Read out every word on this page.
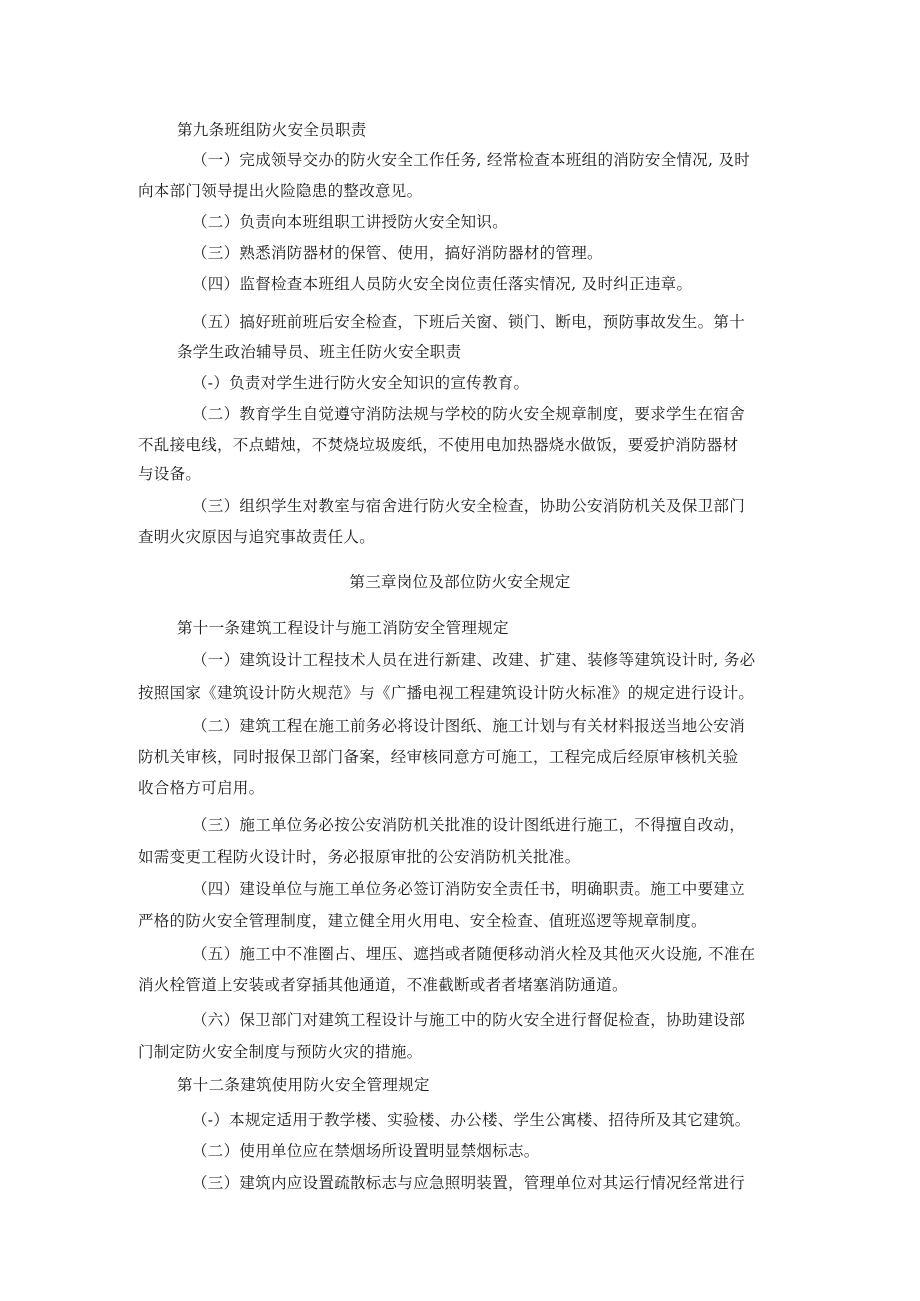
第九条班组防火安全员职责
（一）完成领导交办的防火安全工作任务, 经常检查本班组的消防安全情况, 及时
向本部门领导提出火险隐患的整改意见。
（二）负责向本班组职工讲授防火安全知识。
（三）熟悉消防器材的保管、使用，搞好消防器材的管理。
（四）监督检查本班组人员防火安全岗位责任落实情况, 及时纠正违章。
（五）搞好班前班后安全检查，下班后关窗、锁门、断电，预防事故发生。第十
条学生政治辅导员、班主任防火安全职责
（-）负责对学生进行防火安全知识的宣传教育。
（二）教育学生自觉遵守消防法规与学校的防火安全规章制度，要求学生在宿舍
不乱接电线，不点蜡烛，不焚烧垃圾废纸，不使用电加热器烧水做饭，要爱护消防器材
与设备。
（三）组织学生对教室与宿舍进行防火安全检查，协助公安消防机关及保卫部门
查明火灾原因与追究事故责任人。
第三章岗位及部位防火安全规定
第十一条建筑工程设计与施工消防安全管理规定
（一）建筑设计工程技术人员在进行新建、改建、扩建、装修等建筑设计时, 务必
按照国家《建筑设计防火规范》与《广播电视工程建筑设计防火标准》的规定进行设计。
（二）建筑工程在施工前务必将设计图纸、施工计划与有关材料报送当地公安消
防机关审核，同时报保卫部门备案，经审核同意方可施工，工程完成后经原审核机关验
收合格方可启用。
（三）施工单位务必按公安消防机关批准的设计图纸进行施工，不得擅自改动，
如需变更工程防火设计时，务必报原审批的公安消防机关批准。
（四）建设单位与施工单位务必签订消防安全责任书，明确职责。施工中要建立
严格的防火安全管理制度，建立健全用火用电、安全检查、值班巡逻等规章制度。
（五）施工中不准圈占、埋压、遮挡或者随便移动消火栓及其他灭火设施, 不准在
消火栓管道上安装或者穿插其他通道，不准截断或者者堵塞消防通道。
（六）保卫部门对建筑工程设计与施工中的防火安全进行督促检查，协助建设部
门制定防火安全制度与预防火灾的措施。
第十二条建筑使用防火安全管理规定
（-）本规定适用于教学楼、实验楼、办公楼、学生公寓楼、招待所及其它建筑。
（二）使用单位应在禁烟场所设置明显禁烟标志。
（三）建筑内应设置疏散标志与应急照明装置，管理单位对其运行情况经常进行
